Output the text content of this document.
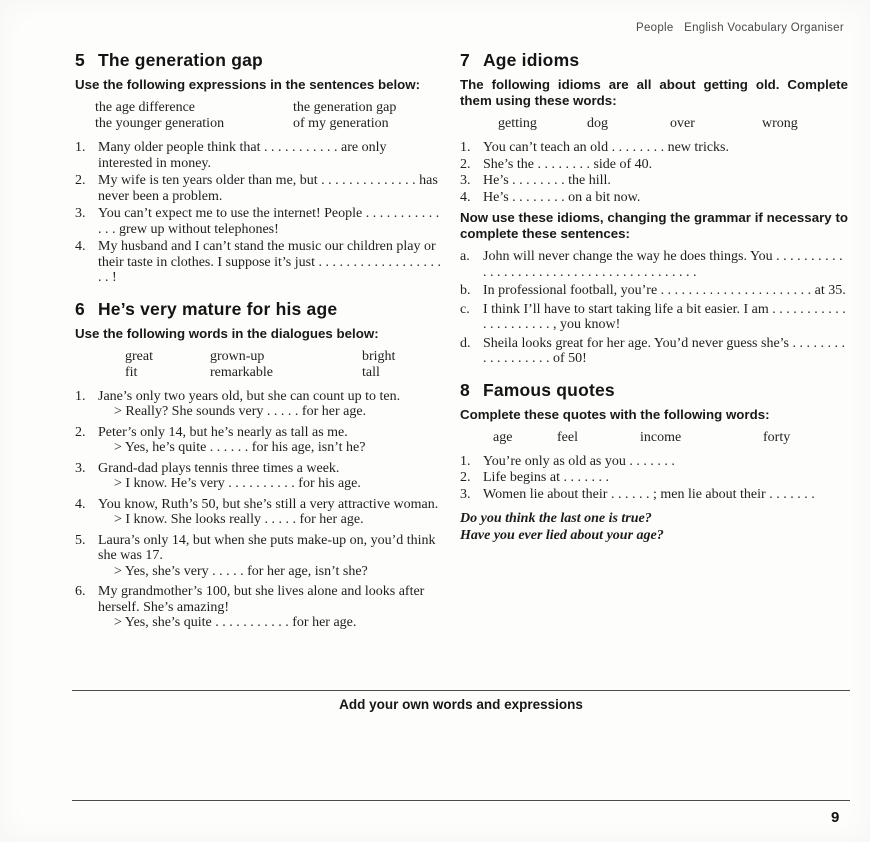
People   English Vocabulary Organiser
5 The generation gap

Use the following expressions in the sentences below:

the age difference	the generation gap
the younger generation	of my generation
1. Many older people think that . . . . . . . . . . . are only interested in money.
2. My wife is ten years older than me, but . . . . . . . . . . . . . . has never been a problem.
3. You can’t expect me to use the internet! People . . . . . . . . . . . . . . grew up without telephones!
4. My husband and I can’t stand the music our children play or their taste in clothes. I suppose it’s just . . . . . . . . . . . . . . . . . . . . !
6 He’s very mature for his age

Use the following words in the dialogues below:

great	grown-up	bright
fit	remarkable	tall
1. Jane’s only two years old, but she can count up to ten.
> Really? She sounds very . . . . . for her age.
2. Peter’s only 14, but he’s nearly as tall as me.
> Yes, he’s quite . . . . . . for his age, isn’t he?
3. Grand-dad plays tennis three times a week.
> I know. He’s very . . . . . . . . . . for his age.
4. You know, Ruth’s 50, but she’s still a very attractive woman.
> I know. She looks really . . . . . for her age.
5. Laura’s only 14, but when she puts make-up on, you’d think she was 17.
> Yes, she’s very . . . . . for her age, isn’t she?
6. My grandmother’s 100, but she lives alone and looks after herself. She’s amazing!
> Yes, she’s quite . . . . . . . . . . . for her age.
7 Age idioms

The following idioms are all about getting old. Complete them using these words:

getting	dog	over	wrong
1. You can’t teach an old . . . . . . . . new tricks.
2. She’s the . . . . . . . . side of 40.
3. He’s . . . . . . . . the hill.
4. He’s . . . . . . . . on a bit now.

Now use these idioms, changing the grammar if necessary to complete these sentences:

a. John will never change the way he does things. You . . . . . . . . . . . . . . . . . . . . . . . . . . . . . . . . . . . . . . . . .
b. In professional football, you’re . . . . . . . . . . . . . . . . . . . . . . at 35.
c. I think I’ll have to start taking life a bit easier. I am . . . . . . . . . . . . . . . . . . . . . , you know!
d. Sheila looks great for her age. You’d never guess she’s . . . . . . . . . . . . . . . . . . of 50!
8 Famous quotes

Complete these quotes with the following words:

age	feel	income	forty
1. You’re only as old as you . . . . . . .
2. Life begins at . . . . . . .
3. Women lie about their . . . . . . ; men lie about their . . . . . . .
Do you think the last one is true?
Have you ever lied about your age?
Add your own words and expressions
9
